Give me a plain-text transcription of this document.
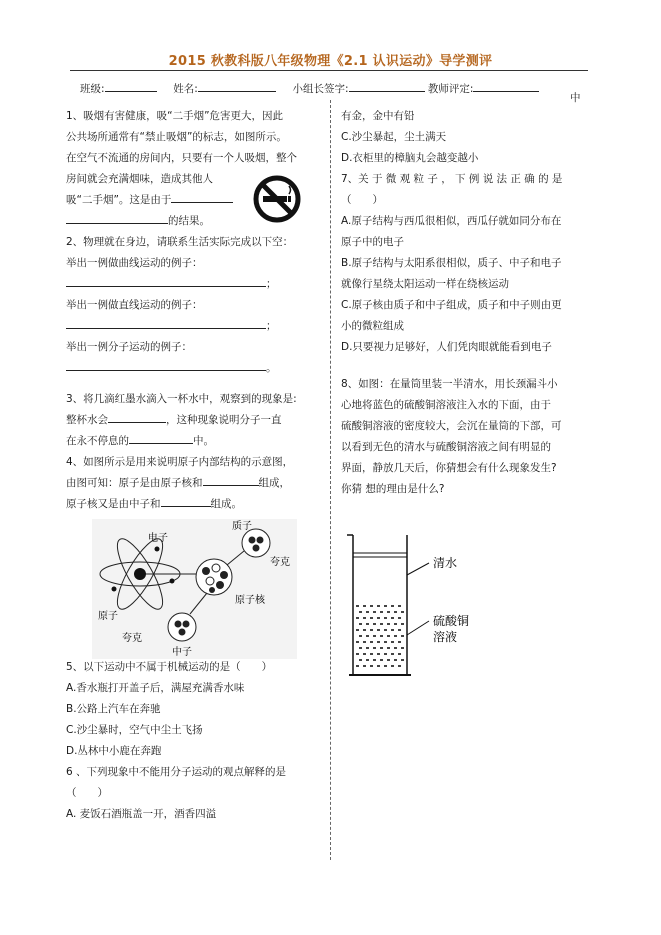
2015 秋教科版八年级物理《2.1 认识运动》导学测评
班级:	姓名:	小组长签字:	教师评定:
中

1、吸烟有害健康，吸“二手烟”危害更大，因此

公共场所通常有“禁止吸烟”的标志，如图所示。

在空气不流通的房间内，只要有一个人吸烟，整个

房间就会充满烟味，造成其他人

吸“二手烟”。这是由于

的结果。

2、物理就在身边，请联系生活实际完成以下空：

举出一例做曲线运动的例子：

；

举出一例做直线运动的例子：

；

举出一例分子运动的例子：

。

3、将几滴红墨水滴入一杯水中，观察到的现象是:

整杯水会	，这种现象说明分子一直

在永不停息的	中。

4、如图所示是用来说明原子内部结构的示意图，

由图可知：原子是由原子核和	组成，

原子核又是由中子和	组成。

5、以下运动中不属于机械运动的是（　　）

A.香水瓶打开盖子后，满屋充满香水味

B.公路上汽车在奔驰

C.沙尘暴时，空气中尘土飞扬

D.丛林中小鹿在奔跑

6 、下列现象中不能用分子运动的观点解释的是

（　　）

A. 麦饭石酒瓶盖一开，酒香四溢

电子
质子
夸克
原子
原子核
夸克
中子

有金，金中有铅

C.沙尘暴起，尘土满天

D.衣柜里的樟脑丸会越变越小

7、关 于 微 观 粒 子 ， 下 例 说 法 正 确 的 是

（　　）

A.原子结构与西瓜很相似，西瓜仔就如同分布在

原子中的电子

B.原子结构与太阳系很相似，质子、中子和电子

就像行星绕太阳运动一样在绕核运动

C.原子核由质子和中子组成，质子和中子则由更

小的微粒组成

D.只要视力足够好，人们凭肉眼就能看到电子

8、如图：在量筒里装一半清水，用长颈漏斗小

心地将蓝色的硫酸铜溶液注入水的下面，由于

硫酸铜溶液的密度较大，会沉在量筒的下部，可

以看到无色的清水与硫酸铜溶液之间有明显的

界面，静放几天后，你猜想会有什么现象发生?

你猜 想的理由是什么?

清水
硫酸铜
溶液
